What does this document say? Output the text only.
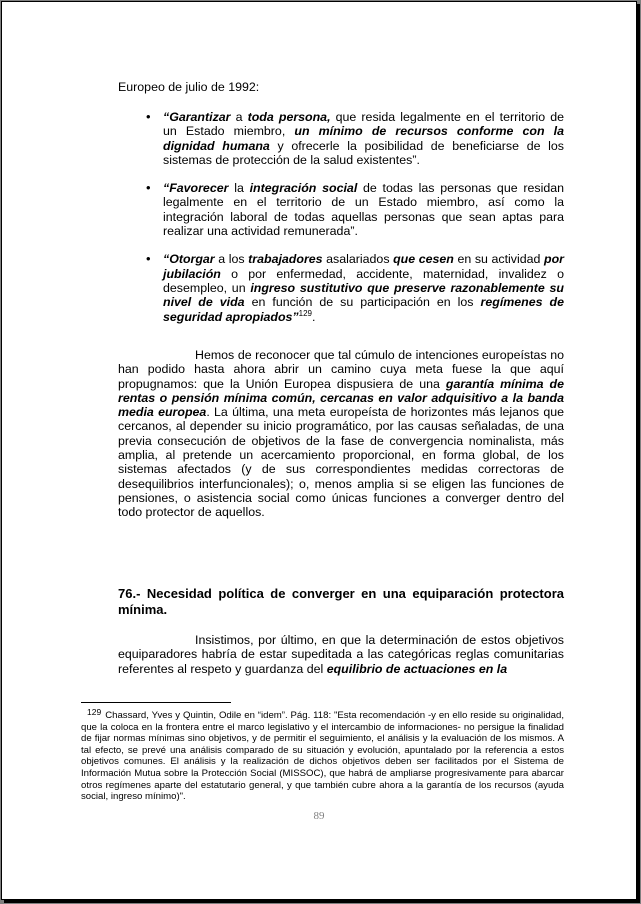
Europeo de julio de 1992:
• “Garantizar a toda persona, que resida legalmente en el territorio de un Estado miembro, un mínimo de recursos conforme con la dignidad humana y ofrecerle la posibilidad de beneficiarse de los sistemas de protección de la salud existentes”.
• “Favorecer la integración social de todas las personas que residan legalmente en el territorio de un Estado miembro, así como la integración laboral de todas aquellas personas que sean aptas para realizar una actividad remunerada”.
• “Otorgar a los trabajadores asalariados que cesen en su actividad por jubilación o por enfermedad, accidente, maternidad, invalidez o desempleo, un ingreso sustitutivo que preserve razonablemente su nivel de vida en función de su participación en los regímenes de seguridad apropiados”$^{129}$.
Hemos de reconocer que tal cúmulo de intenciones europeístas no han podido hasta ahora abrir un camino cuya meta fuese la que aquí propugnamos: que la Unión Europea dispusiera de una garantía mínima de rentas o pensión mínima común, cercanas en valor adquisitivo a la banda media europea. La última, una meta europeísta de horizontes más lejanos que cercanos, al depender su inicio programático, por las causas señaladas, de una previa consecución de objetivos de la fase de convergencia nominalista, más amplia, al pretende un acercamiento proporcional, en forma global, de los sistemas afectados (y de sus correspondientes medidas correctoras de desequilibrios interfuncionales); o, menos amplia si se eligen las funciones de pensiones, o asistencia social como únicas funciones a converger dentro del todo protector de aquellos.
76.- Necesidad política de converger en una equiparación protectora mínima.
Insistimos, por último, en que la determinación de estos objetivos equiparadores habría de estar supeditada a las categóricas reglas comunitarias referentes al respeto y guardanza del equilibrio de actuaciones en la
129 Chassard, Yves y Quintin, Odile en “idem”. Pág. 118: "Esta recomendación -y en ello reside su originalidad, que la coloca en la frontera entre el marco legislativo y el intercambio de informaciones- no persigue la finalidad de fijar normas mínimas sino objetivos, y de permitir el seguimiento, el análisis y la evaluación de los mismos. A tal efecto, se prevé una análisis comparado de su situación y evolución, apuntalado por la referencia a estos objetivos comunes. El análisis y la realización de dichos objetivos deben ser facilitados por el Sistema de Información Mutua sobre la Protección Social (MISSOC), que habrá de ampliarse progresivamente para abarcar otros regímenes aparte del estatutario general, y que también cubre ahora a la garantía de los recursos (ayuda social, ingreso mínimo)".
89
